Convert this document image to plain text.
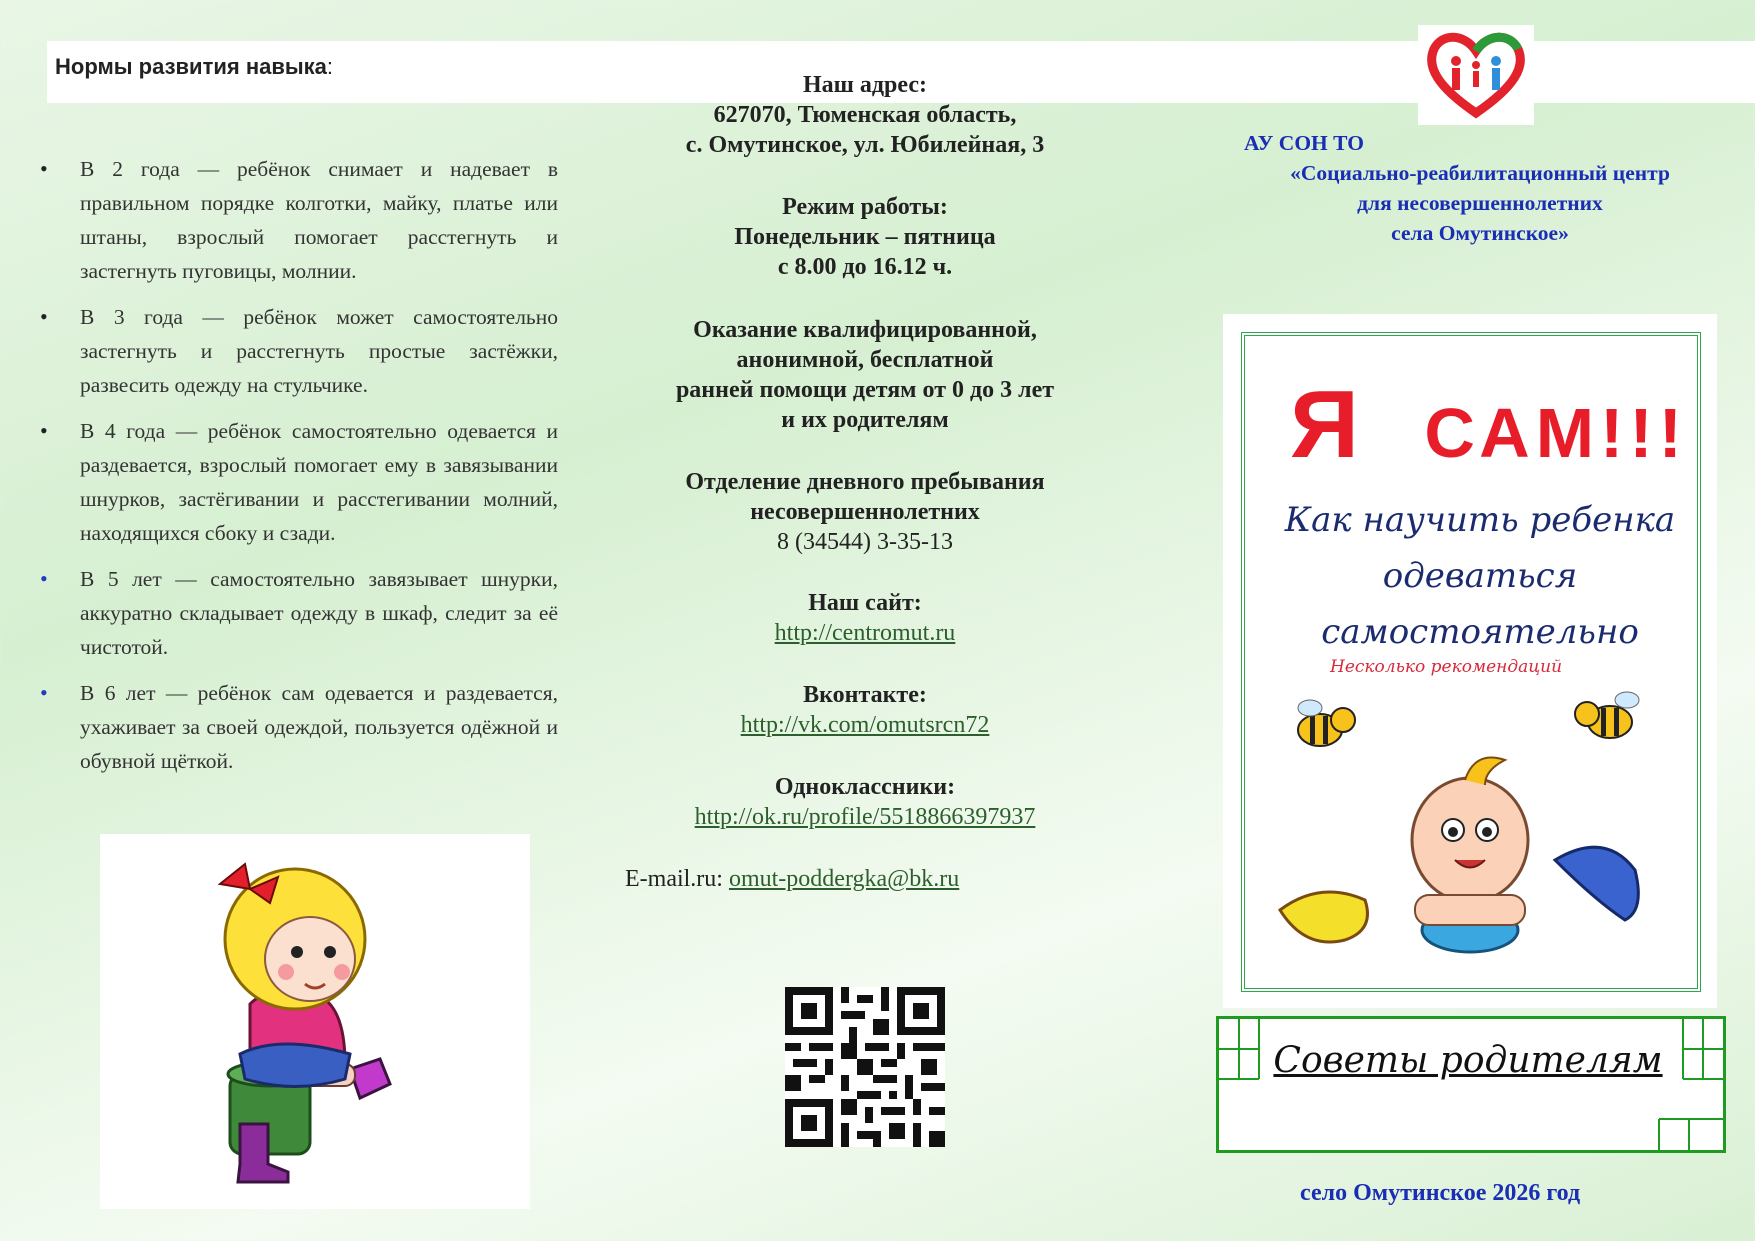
Нормы развития навыка:
•	В 2 года — ребёнок снимает и надевает в правильном порядке колготки, майку, платье или штаны, взрослый помогает расстегнуть и застегнуть пуговицы, молнии.
•	В 3 года — ребёнок может самостоятельно застегнуть и расстегнуть простые застёжки, развесить одежду на стульчике.
•	В 4 года — ребёнок самостоятельно одевается и раздевается, взрослый помогает ему в завязывании шнурков, застёгивании и расстегивании молний, находящихся сбоку и сзади.
•	В 5 лет — самостоятельно завязывает шнурки, аккуратно складывает одежду в шкаф, следит за её чистотой.
•	В 6 лет — ребёнок сам одевается и раздевается, ухаживает за своей одеждой, пользуется одёжной и обувной щёткой.
Наш адрес:
627070, Тюменская область,
с. Омутинское, ул. Юбилейная, 3
Режим работы:
Понедельник – пятница
с 8.00 до 16.12 ч.
Оказание квалифицированной,
анонимной, бесплатной
ранней помощи детям от 0 до 3 лет
и их родителям
Отделение дневного пребывания
несовершеннолетних
8 (34544) 3-35-13
Наш сайт:
http://centromut.ru
Вконтакте:
http://vk.com/omutsrcn72
Одноклассники:
http://ok.ru/profile/5518866397937
E-mail.ru: omut-poddergka@bk.ru
АУ СОН ТО
«Социально-реабилитационный центр
для несовершеннолетних
села Омутинское»
Я САМ!!!
Как научить ребенка
одеваться
самостоятельно
Несколько рекомендаций
Советы родителям
село Омутинское 2026 год
